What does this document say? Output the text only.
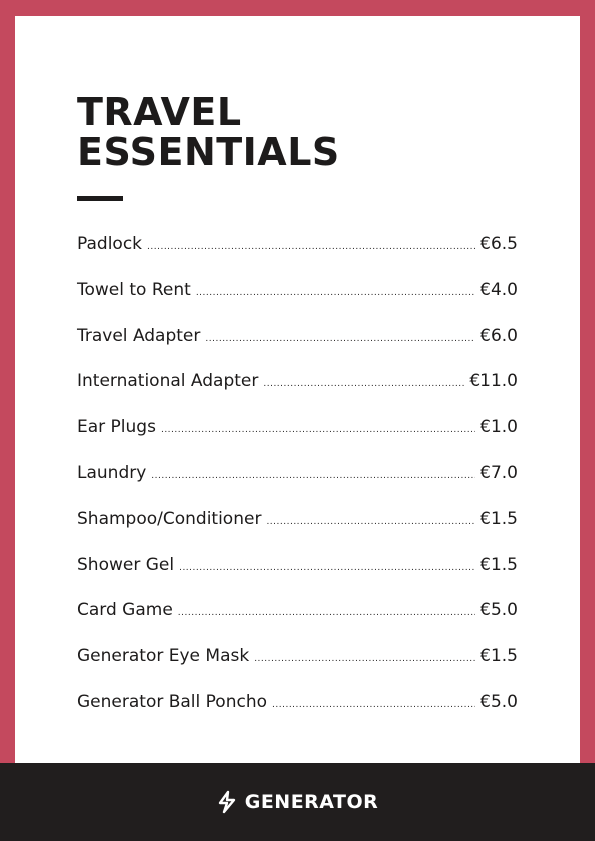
TRAVEL
ESSENTIALS
Padlock .....	€6.5
Towel to Rent .....	€4.0
Travel Adapter .....	€6.0
International Adapter .....	€11.0
Ear Plugs .....	€1.0
Laundry .....	€7.0
Shampoo/Conditioner .....	€1.5
Shower Gel .....	€1.5
Card Game .....	€5.0
Generator Eye Mask .....	€1.5
Generator Ball Poncho .....	€5.0
GENERATOR
